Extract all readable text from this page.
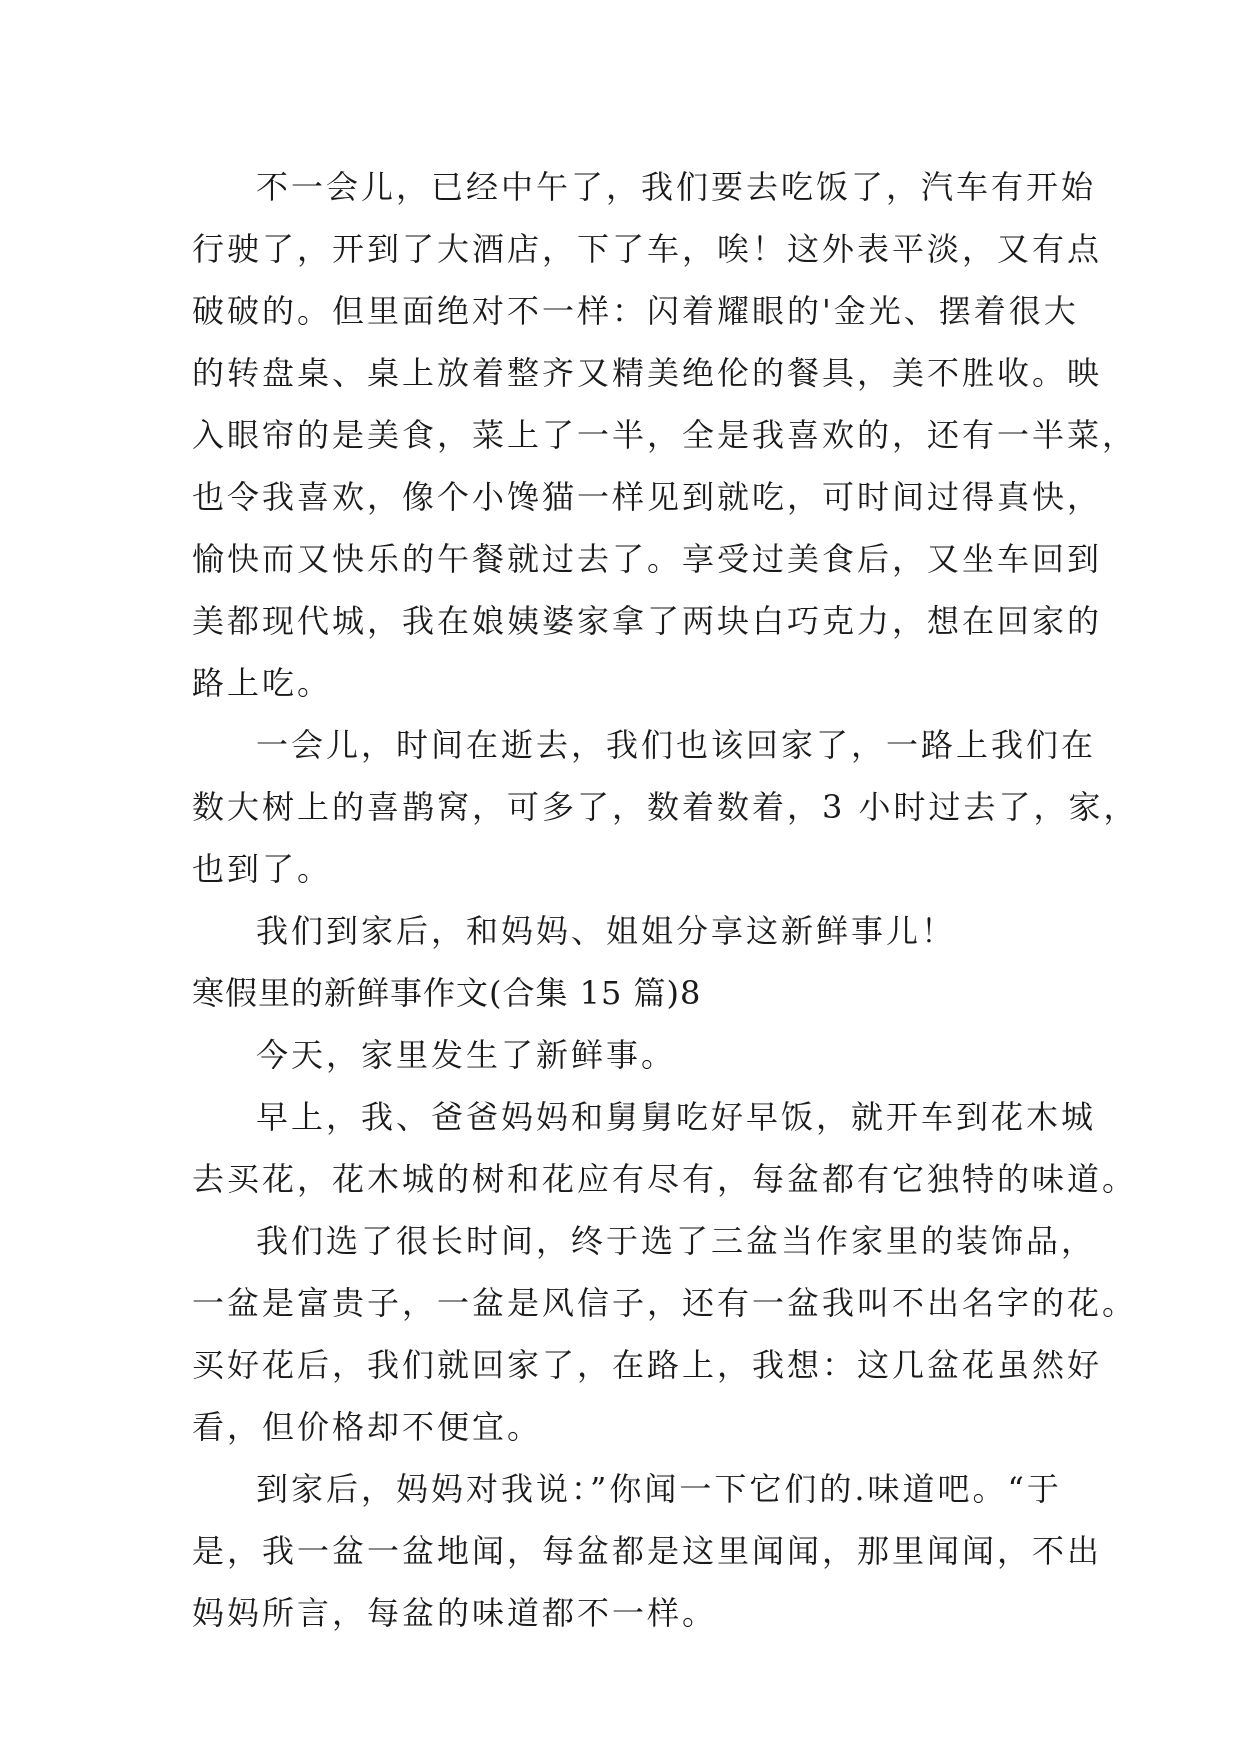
不一会儿，已经中午了，我们要去吃饭了，汽车有开始
行驶了，开到了大酒店，下了车，唉！这外表平淡，又有点
破破的。但里面绝对不一样：闪着耀眼的'金光、摆着很大
的转盘桌、桌上放着整齐又精美绝伦的餐具，美不胜收。映
入眼帘的是美食，菜上了一半，全是我喜欢的，还有一半菜，
也令我喜欢，像个小馋猫一样见到就吃，可时间过得真快，
愉快而又快乐的午餐就过去了。享受过美食后，又坐车回到
美都现代城，我在娘姨婆家拿了两块白巧克力，想在回家的
路上吃。
一会儿，时间在逝去，我们也该回家了，一路上我们在
数大树上的喜鹊窝，可多了，数着数着，3 小时过去了，家，
也到了。
我们到家后，和妈妈、姐姐分享这新鲜事儿！
寒假里的新鲜事作文(合集 15 篇)8
今天，家里发生了新鲜事。
早上，我、爸爸妈妈和舅舅吃好早饭，就开车到花木城
去买花，花木城的树和花应有尽有，每盆都有它独特的味道。
我们选了很长时间，终于选了三盆当作家里的装饰品，
一盆是富贵子，一盆是风信子，还有一盆我叫不出名字的花。
买好花后，我们就回家了，在路上，我想：这几盆花虽然好
看，但价格却不便宜。
到家后，妈妈对我说：”你闻一下它们的.味道吧。“于
是，我一盆一盆地闻，每盆都是这里闻闻，那里闻闻，不出
妈妈所言，每盆的味道都不一样。
